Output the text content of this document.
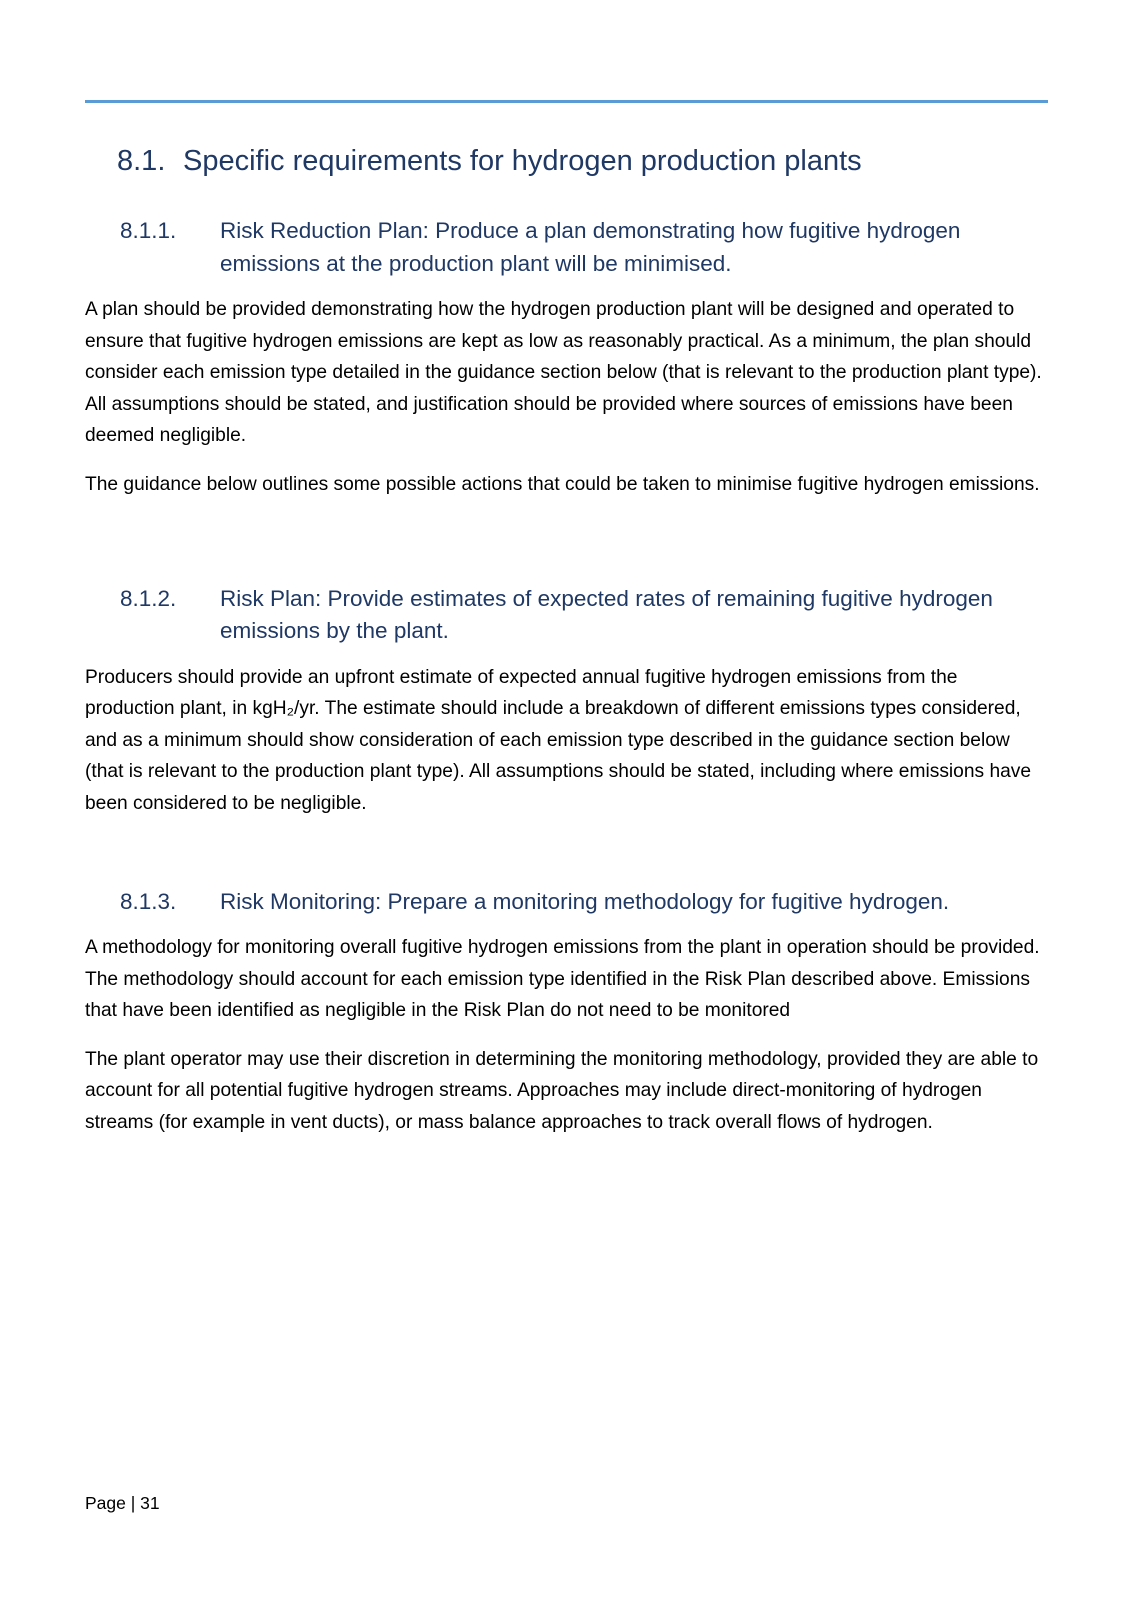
8.1. Specific requirements for hydrogen production plants
8.1.1.	Risk Reduction Plan: Produce a plan demonstrating how fugitive hydrogen emissions at the production plant will be minimised.

A plan should be provided demonstrating how the hydrogen production plant will be designed and operated to ensure that fugitive hydrogen emissions are kept as low as reasonably practical. As a minimum, the plan should consider each emission type detailed in the guidance section below (that is relevant to the production plant type). All assumptions should be stated, and justification should be provided where sources of emissions have been deemed negligible.

The guidance below outlines some possible actions that could be taken to minimise fugitive hydrogen emissions.

8.1.2.	Risk Plan: Provide estimates of expected rates of remaining fugitive hydrogen emissions by the plant.

Producers should provide an upfront estimate of expected annual fugitive hydrogen emissions from the production plant, in kgH₂/yr. The estimate should include a breakdown of different emissions types considered, and as a minimum should show consideration of each emission type described in the guidance section below (that is relevant to the production plant type). All assumptions should be stated, including where emissions have been considered to be negligible.

8.1.3.	Risk Monitoring: Prepare a monitoring methodology for fugitive hydrogen.

A methodology for monitoring overall fugitive hydrogen emissions from the plant in operation should be provided. The methodology should account for each emission type identified in the Risk Plan described above. Emissions that have been identified as negligible in the Risk Plan do not need to be monitored

The plant operator may use their discretion in determining the monitoring methodology, provided they are able to account for all potential fugitive hydrogen streams. Approaches may include direct-monitoring of hydrogen streams (for example in vent ducts), or mass balance approaches to track overall flows of hydrogen.

Page | 31
